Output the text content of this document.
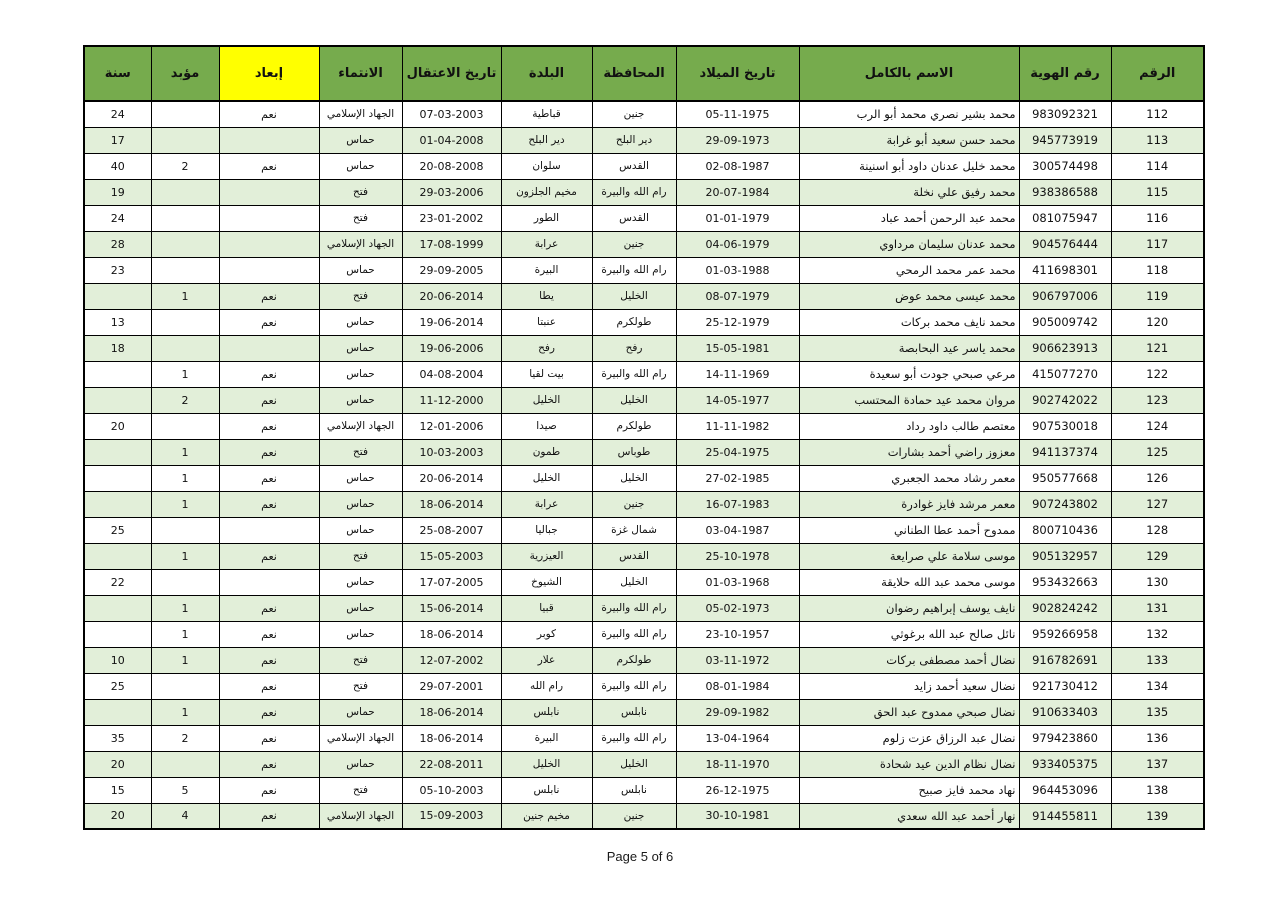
الرقم	رقم الهوية	الاسم بالكامل	تاريخ الميلاد	المحافظة	البلدة	تاريخ الاعتقال	الانتماء	إبعاد	مؤبد	سنة
112	983092321	محمد بشير نصري محمد أبو الرب	05-11-1975	جنين	قباطية	07-03-2003	الجهاد الإسلامي	نعم		24
113	945773919	محمد حسن سعيد أبو غرابة	29-09-1973	دير البلح	دير البلح	01-04-2008	حماس			17
114	300574498	محمد خليل عدنان داود أبو اسنينة	02-08-1987	القدس	سلوان	20-08-2008	حماس	نعم	2	40
115	938386588	محمد رفيق علي نخلة	20-07-1984	رام الله والبيرة	مخيم الجلزون	29-03-2006	فتح			19
116	081075947	محمد عبد الرحمن أحمد عباد	01-01-1979	القدس	الطور	23-01-2002	فتح			24
117	904576444	محمد عدنان سليمان مرداوي	04-06-1979	جنين	عرابة	17-08-1999	الجهاد الإسلامي			28
118	411698301	محمد عمر محمد الرمحي	01-03-1988	رام الله والبيرة	البيرة	29-09-2005	حماس			23
119	906797006	محمد عيسى محمد عوض	08-07-1979	الخليل	يطا	20-06-2014	فتح	نعم	1	
120	905009742	محمد نايف محمد بركات	25-12-1979	طولكرم	عنبتا	19-06-2014	حماس	نعم		13
121	906623913	محمد ياسر عيد البحابصة	15-05-1981	رفح	رفح	19-06-2006	حماس			18
122	415077270	مرعي صبحي جودت أبو سعيدة	14-11-1969	رام الله والبيرة	بيت لقيا	04-08-2004	حماس	نعم	1	
123	902742022	مروان محمد عيد حمادة المحتسب	14-05-1977	الخليل	الخليل	11-12-2000	حماس	نعم	2	
124	907530018	معتصم طالب داود رداد	11-11-1982	طولكرم	صيدا	12-01-2006	الجهاد الإسلامي	نعم		20
125	941137374	معزوز راضي أحمد بشارات	25-04-1975	طوباس	طمون	10-03-2003	فتح	نعم	1	
126	950577668	معمر رشاد محمد الجعبري	27-02-1985	الخليل	الخليل	20-06-2014	حماس	نعم	1	
127	907243802	معمر مرشد فايز غوادرة	16-07-1983	جنين	عرابة	18-06-2014	حماس	نعم	1	
128	800710436	ممدوح أحمد عطا الطناني	03-04-1987	شمال غزة	جباليا	25-08-2007	حماس			25
129	905132957	موسى سلامة علي صرايعة	25-10-1978	القدس	العيزرية	15-05-2003	فتح	نعم	1	
130	953432663	موسى محمد عبد الله حلايقة	01-03-1968	الخليل	الشيوخ	17-07-2005	حماس			22
131	902824242	نايف يوسف إبراهيم رضوان	05-02-1973	رام الله والبيرة	قبيا	15-06-2014	حماس	نعم	1	
132	959266958	نائل صالح عبد الله برغوثي	23-10-1957	رام الله والبيرة	كوبر	18-06-2014	حماس	نعم	1	
133	916782691	نضال أحمد مصطفى بركات	03-11-1972	طولكرم	علار	12-07-2002	فتح	نعم	1	10
134	921730412	نضال سعيد أحمد زايد	08-01-1984	رام الله والبيرة	رام الله	29-07-2001	فتح	نعم		25
135	910633403	نضال صبحي ممدوح عبد الحق	29-09-1982	نابلس	نابلس	18-06-2014	حماس	نعم	1	
136	979423860	نضال عبد الرزاق عزت زلوم	13-04-1964	رام الله والبيرة	البيرة	18-06-2014	الجهاد الإسلامي	نعم	2	35
137	933405375	نضال نظام الدين عيد شحادة	18-11-1970	الخليل	الخليل	22-08-2011	حماس	نعم		20
138	964453096	نهاد محمد فايز صبيح	26-12-1975	نابلس	نابلس	05-10-2003	فتح	نعم	5	15
139	914455811	نهار أحمد عبد الله سعدي	30-10-1981	جنين	مخيم جنين	15-09-2003	الجهاد الإسلامي	نعم	4	20
Page 5 of 6
